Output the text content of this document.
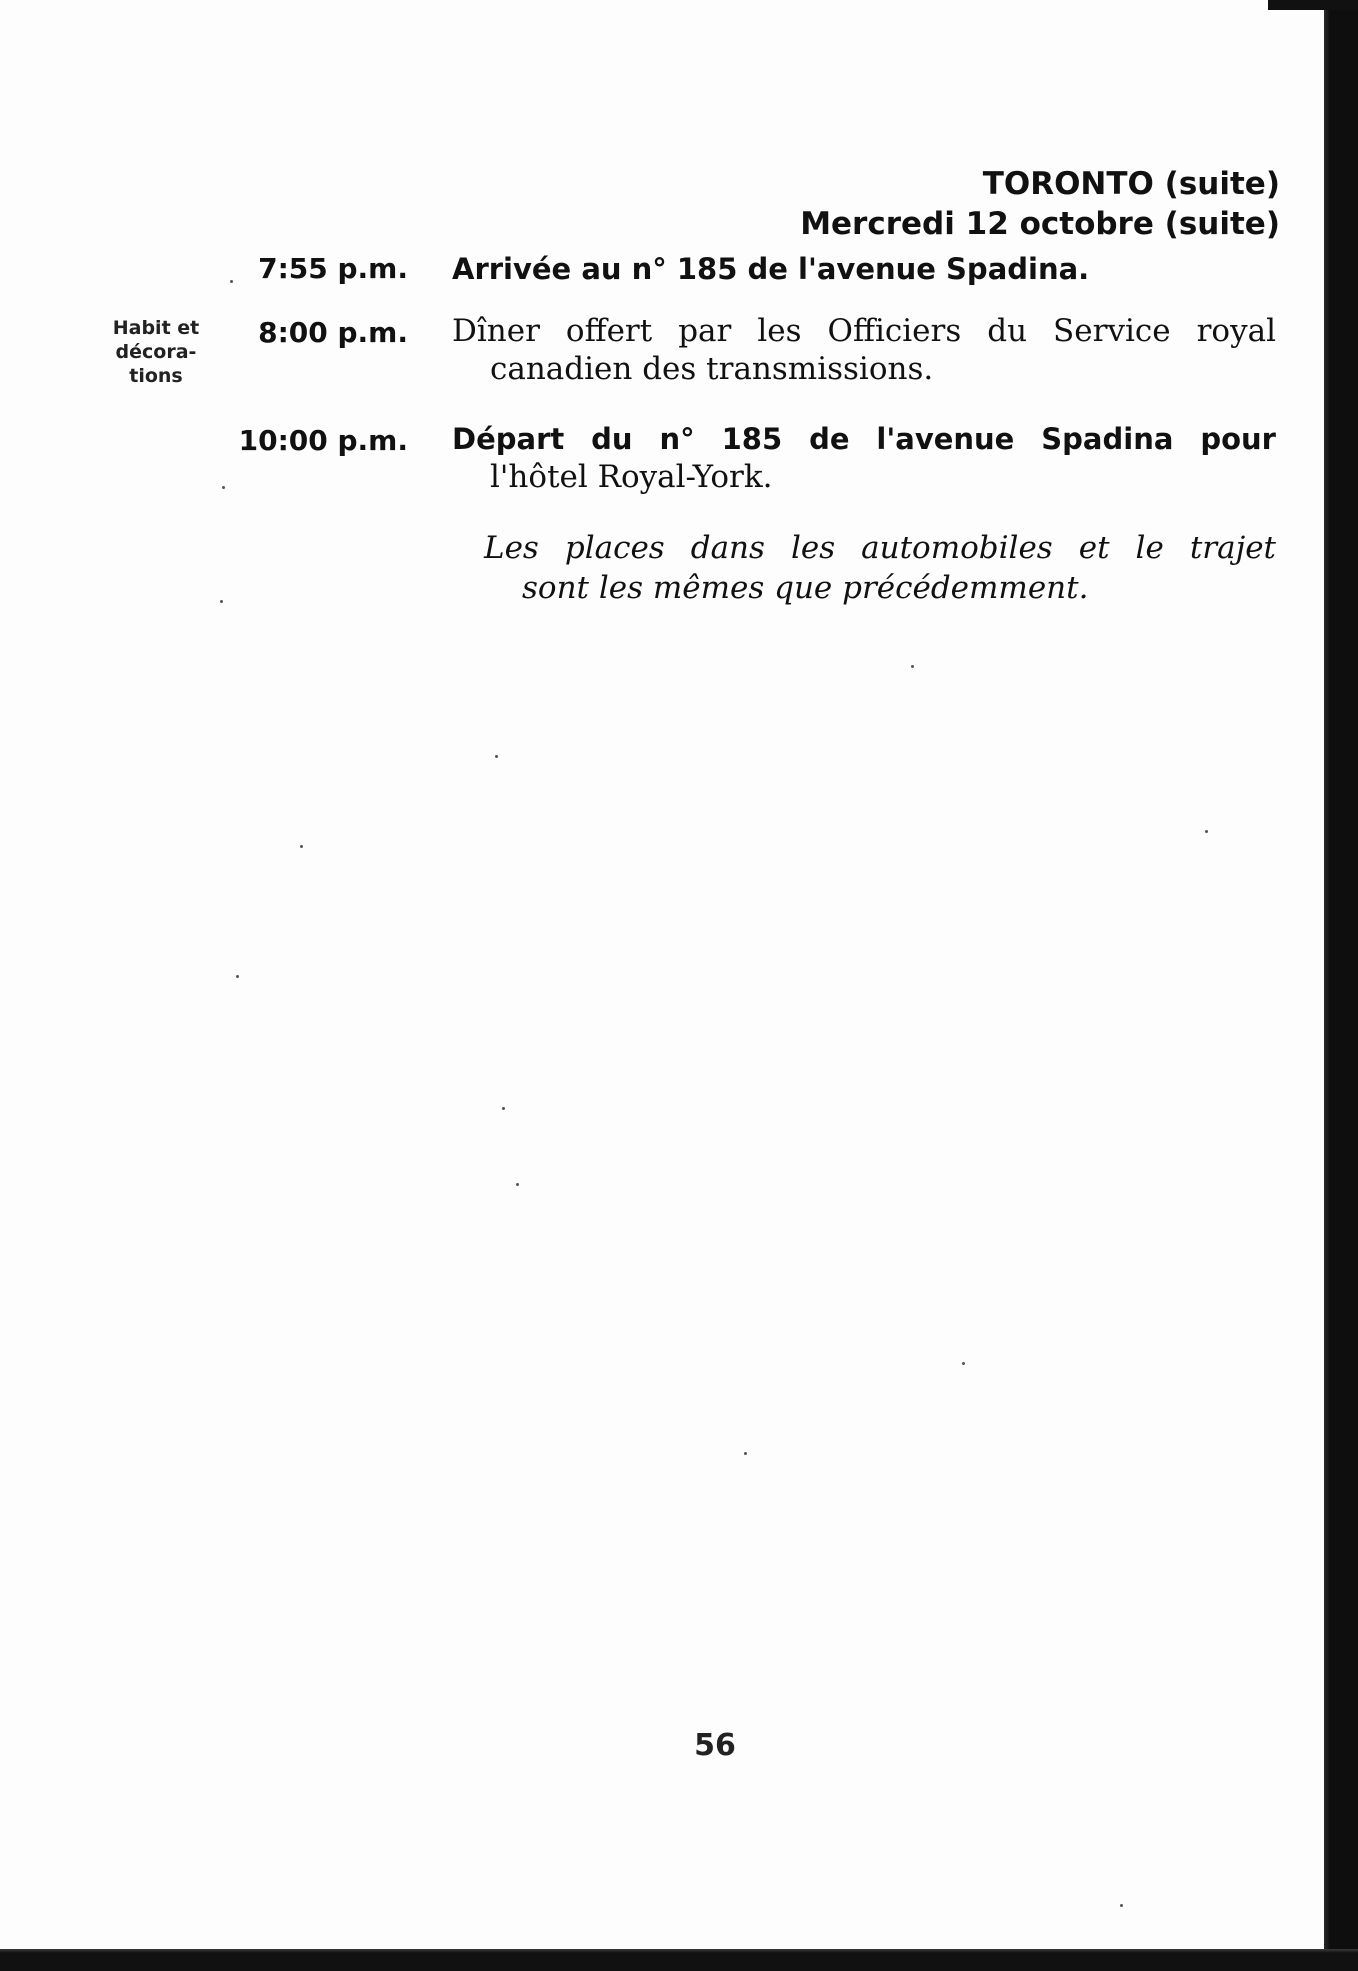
TORONTO (suite)
Mercredi 12 octobre (suite)
7:55 p.m. Arrivée au n° 185 de l'avenue Spadina.
Habit et
décora-
tions
8:00 p.m. Dîner offert par les Officiers du Service royal
canadien des transmissions.
10:00 p.m. Départ du n° 185 de l'avenue Spadina pour
l'hôtel Royal-York.
Les places dans les automobiles et le trajet
sont les mêmes que précédemment.
56
